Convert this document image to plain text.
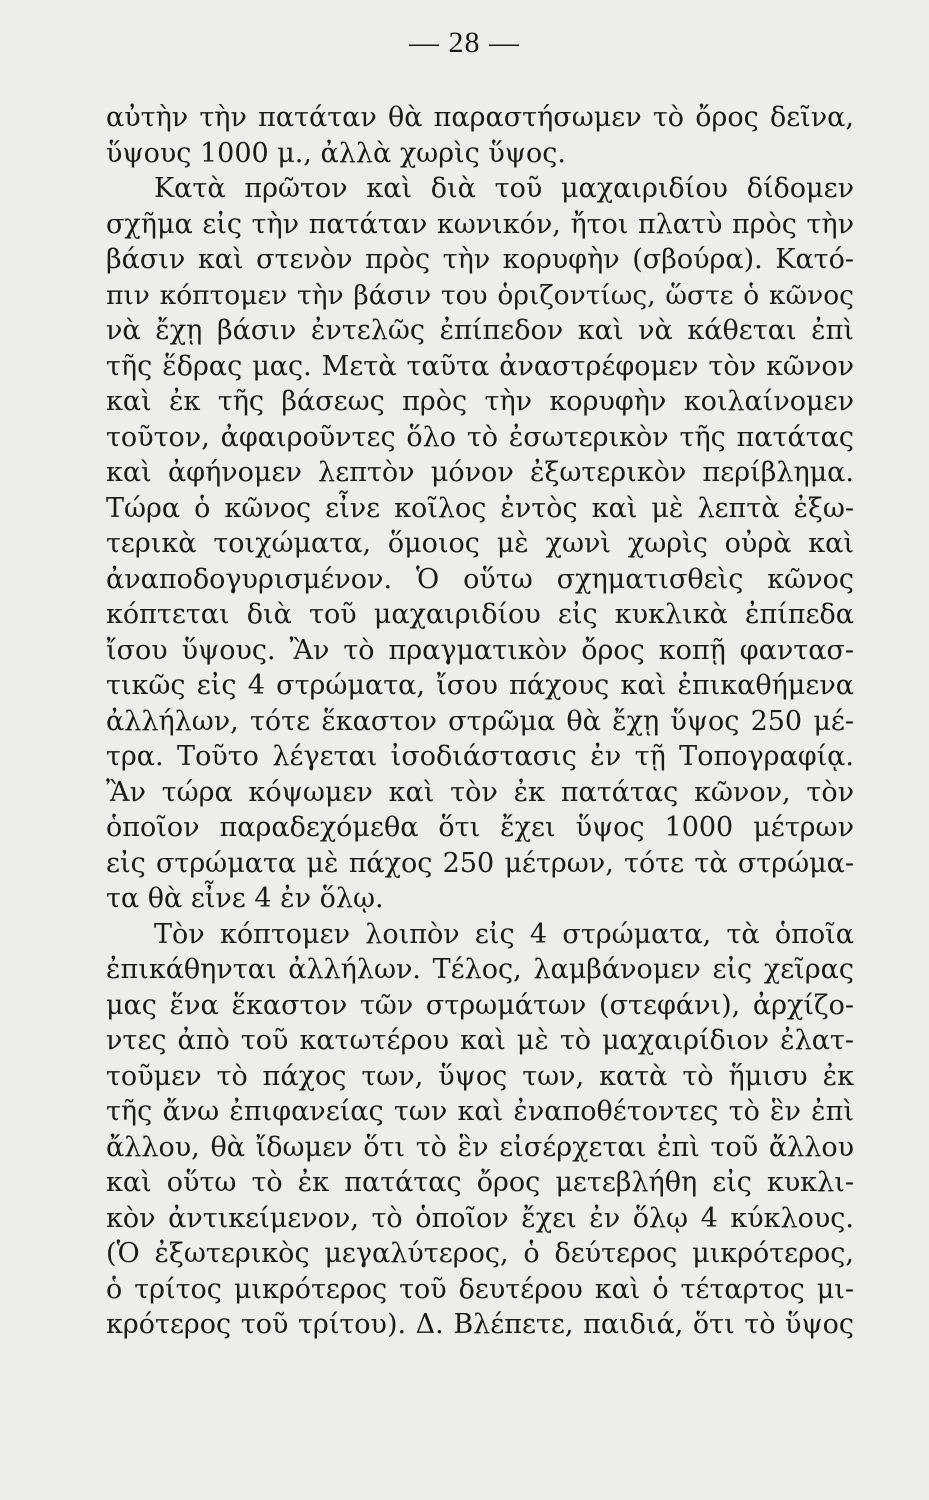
— 28 —
αὐτὴν τὴν πατάταν θὰ παραστήσωμεν τὸ ὄρος δεῖνα,
ὕψους 1000 μ., ἀλλὰ χωρὶς ὕψος.
Κατὰ πρῶτον καὶ διὰ τοῦ μαχαιριδίου δίδομεν
σχῆμα εἰς τὴν πατάταν κωνικόν, ἤτοι πλατὺ πρὸς τὴν
βάσιν καὶ στενὸν πρὸς τὴν κορυφὴν (σβούρα). Κατό-
πιν κόπτομεν τὴν βάσιν του ὁριζοντίως, ὥστε ὁ κῶνος
νὰ ἔχῃ βάσιν ἐντελῶς ἐπίπεδον καὶ νὰ κάθεται ἐπὶ
τῆς ἕδρας μας. Μετὰ ταῦτα ἀναστρέφομεν τὸν κῶνον
καὶ ἐκ τῆς βάσεως πρὸς τὴν κορυφὴν κοιλαίνομεν
τοῦτον, ἀφαιροῦντες ὅλο τὸ ἐσωτερικὸν τῆς πατάτας
καὶ ἀφήνομεν λεπτὸν μόνον ἐξωτερικὸν περίβλημα.
Τώρα ὁ κῶνος εἶνε κοῖλος ἐντὸς καὶ μὲ λεπτὰ ἐξω-
τερικὰ τοιχώματα, ὅμοιος μὲ χωνὶ χωρὶς οὐρὰ καὶ
ἀναποδογυρισμένον. Ὁ οὕτω σχηματισθεὶς κῶνος
κόπτεται διὰ τοῦ μαχαιριδίου εἰς κυκλικὰ ἐπίπεδα
ἴσου ὕψους. Ἂν τὸ πραγματικὸν ὄρος κοπῇ φαντασ-
τικῶς εἰς 4 στρώματα, ἴσου πάχους καὶ ἐπικαθήμενα
ἀλλήλων, τότε ἕκαστον στρῶμα θὰ ἔχῃ ὕψος 250 μέ-
τρα. Τοῦτο λέγεται ἰσοδιάστασις ἐν τῇ Τοπογραφίᾳ.
Ἂν τώρα κόψωμεν καὶ τὸν ἐκ πατάτας κῶνον, τὸν
ὁποῖον παραδεχόμεθα ὅτι ἔχει ὕψος 1000 μέτρων
εἰς στρώματα μὲ πάχος 250 μέτρων, τότε τὰ στρώμα-
τα θὰ εἶνε 4 ἐν ὅλῳ.
Τὸν κόπτομεν λοιπὸν εἰς 4 στρώματα, τὰ ὁποῖα
ἐπικάθηνται ἀλλήλων. Τέλος, λαμβάνομεν εἰς χεῖρας
μας ἕνα ἕκαστον τῶν στρωμάτων (στεφάνι), ἀρχίζο-
ντες ἀπὸ τοῦ κατωτέρου καὶ μὲ τὸ μαχαιρίδιον ἐλατ-
τοῦμεν τὸ πάχος των, ὕψος των, κατὰ τὸ ἥμισυ ἐκ
τῆς ἄνω ἐπιφανείας των καὶ ἐναποθέτοντες τὸ ἓν ἐπὶ
ἄλλου, θὰ ἴδωμεν ὅτι τὸ ἓν εἰσέρχεται ἐπὶ τοῦ ἄλλου
καὶ οὕτω τὸ ἐκ πατάτας ὄρος μετεβλήθη εἰς κυκλι-
κὸν ἀντικείμενον, τὸ ὁποῖον ἔχει ἐν ὅλῳ 4 κύκλους.
(Ὁ ἐξωτερικὸς μεγαλύτερος, ὁ δεύτερος μικρότερος,
ὁ τρίτος μικρότερος τοῦ δευτέρου καὶ ὁ τέταρτος μι-
κρότερος τοῦ τρίτου). Δ. Βλέπετε, παιδιά, ὅτι τὸ ὕψος
